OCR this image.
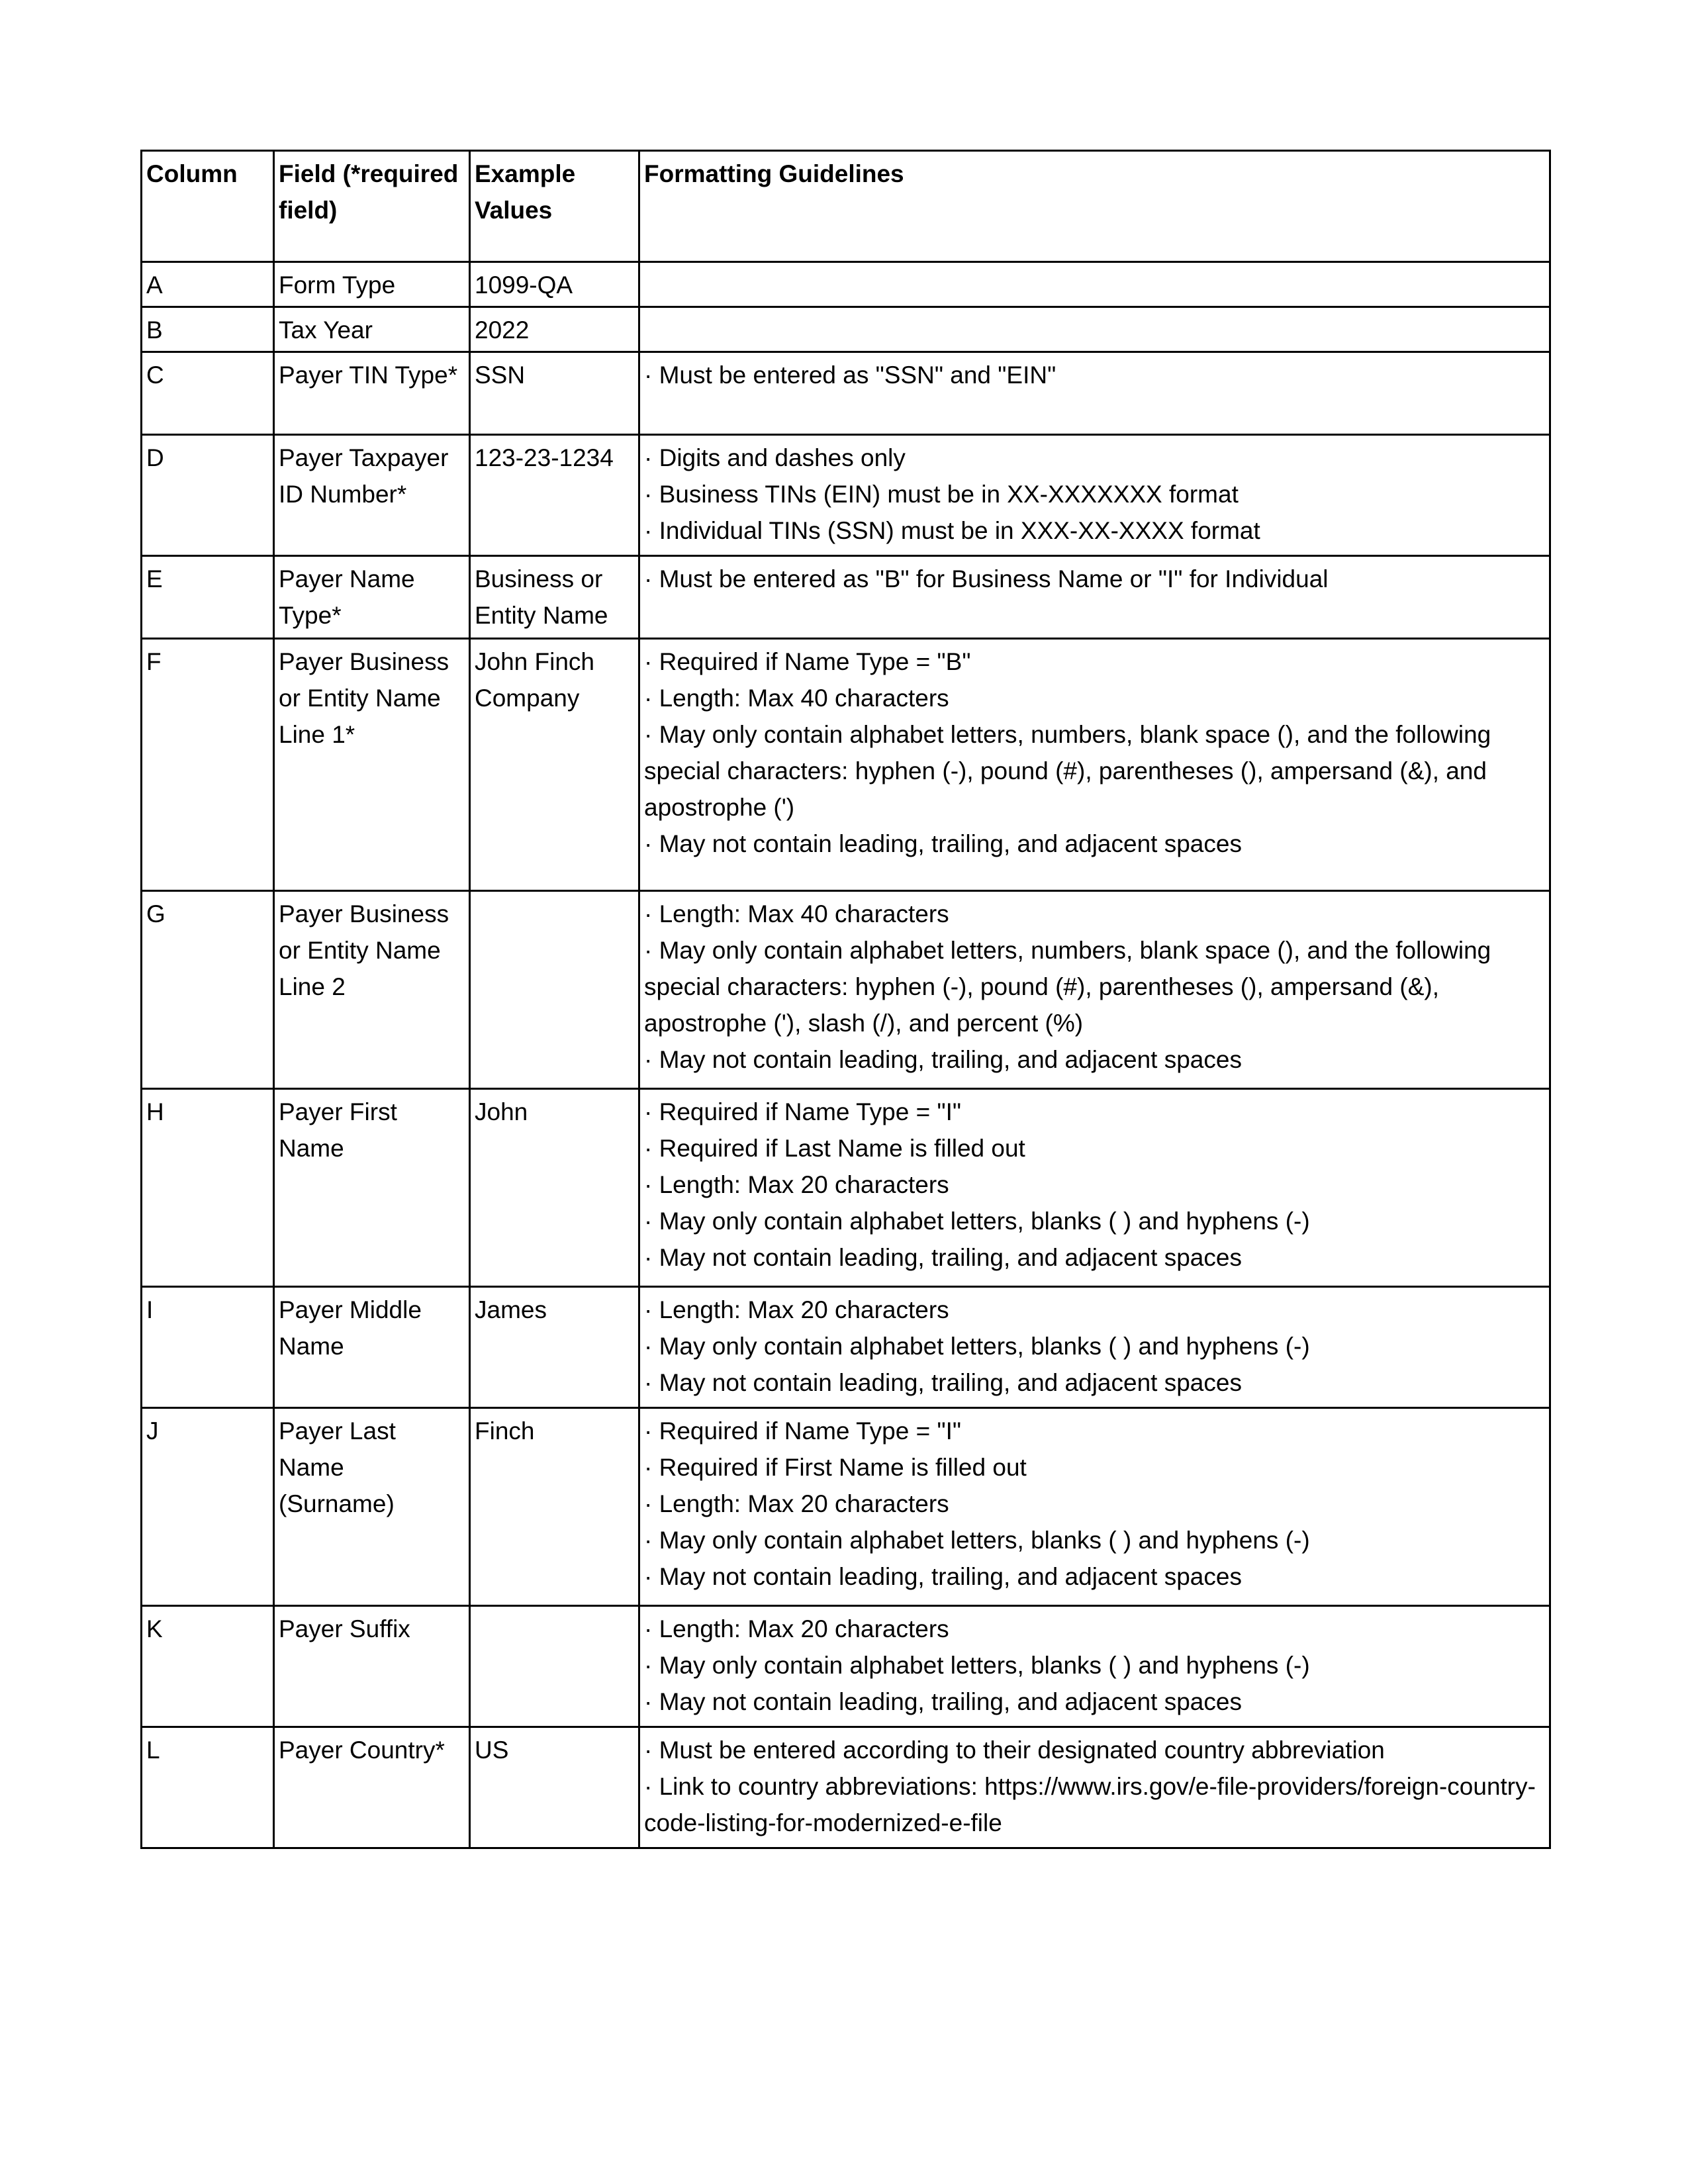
Column	Field (*required field)	Example Values	Formatting Guidelines
A	Form Type	1099-QA	
B	Tax Year	2022	
C	Payer TIN Type*	SSN	· Must be entered as "SSN" and "EIN"

D	Payer Taxpayer ID Number*	123-23-1234	· Digits and dashes only
· Business TINs (EIN) must be in XX-XXXXXXX format
· Individual TINs (SSN) must be in XXX-XX-XXXX format

E	Payer Name Type*	Business or Entity Name	· Must be entered as "B" for Business Name or "I" for Individual

F	Payer Business or Entity Name Line 1*	John Finch Company	· Required if Name Type = "B"
· Length: Max 40 characters
· May only contain alphabet letters, numbers, blank space (), and the following special characters: hyphen (-), pound (#), parentheses (), ampersand (&), and apostrophe (')
· May not contain leading, trailing, and adjacent spaces

G	Payer Business or Entity Name Line 2		· Length: Max 40 characters
· May only contain alphabet letters, numbers, blank space (), and the following special characters: hyphen (-), pound (#), parentheses (), ampersand (&), apostrophe ('), slash (/), and percent (%)
· May not contain leading, trailing, and adjacent spaces

H	Payer First Name	John	· Required if Name Type = "I"
· Required if Last Name is filled out
· Length: Max 20 characters
· May only contain alphabet letters, blanks ( ) and hyphens (-)
· May not contain leading, trailing, and adjacent spaces

I	Payer Middle Name	James	· Length: Max 20 characters
· May only contain alphabet letters, blanks ( ) and hyphens (-)
· May not contain leading, trailing, and adjacent spaces

J	Payer Last Name (Surname)	Finch	· Required if Name Type = "I"
· Required if First Name is filled out
· Length: Max 20 characters
· May only contain alphabet letters, blanks ( ) and hyphens (-)
· May not contain leading, trailing, and adjacent spaces

K	Payer Suffix		· Length: Max 20 characters
· May only contain alphabet letters, blanks ( ) and hyphens (-)
· May not contain leading, trailing, and adjacent spaces

L	Payer Country*	US	· Must be entered according to their designated country abbreviation
· Link to country abbreviations: https://www.irs.gov/e-file-providers/foreign-country-code-listing-for-modernized-e-file
